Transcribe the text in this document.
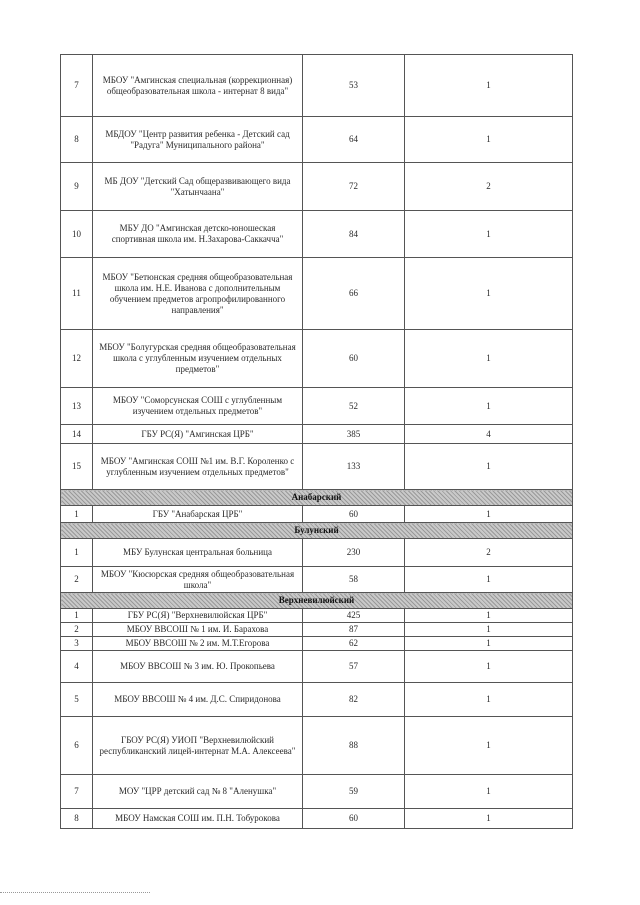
7	МБОУ "Амгинская специальная (коррекционная) общеобразовательная школа - интернат 8 вида"	53	1
8	МБДОУ "Центр развития ребенка - Детский сад "Радуга" Муниципального района"	64	1
9	МБ ДОУ "Детский Сад общеразвивающего вида "Хатынчаана"	72	2
10	МБУ ДО "Амгинская детско-юношеская спортивная школа им. Н.Захарова-Саккачча"	84	1
11	МБОУ "Бетюнская средняя общеобразовательная школа им. Н.Е. Иванова с дополнительным обучением предметов агропрофилированного направления"	66	1
12	МБОУ "Болугурская средняя общеобразовательная школа с углубленным изучением отдельных предметов"	60	1
13	МБОУ "Соморсунская СОШ с углубленным изучением отдельных предметов"	52	1
14	ГБУ РС(Я) "Амгинская ЦРБ"	385	4
15	МБОУ "Амгинская СОШ №1 им. В.Г. Короленко с углубленным изучением отдельных предметов"	133	1
Анабарский			
1	ГБУ "Анабарская ЦРБ"	60	1
Булунский			
1	МБУ Булунская центральная больница	230	2
2	МБОУ "Кюсюрская средняя общеобразовательная школа"	58	1
Верхневилюйский			
1	ГБУ РС(Я) "Верхневилюйская ЦРБ"	425	1
2	МБОУ ВВСОШ № 1 им. И. Барахова	87	1
3	МБОУ ВВСОШ № 2 им. М.Т.Егорова	62	1
4	МБОУ ВВСОШ № 3 им. Ю. Прокопьева	57	1
5	МБОУ ВВСОШ № 4 им. Д.С. Спиридонова	82	1
6	ГБОУ РС(Я) УИОП "Верхневилюйский республиканский лицей-интернат М.А. Алексеева"	88	1
7	МОУ "ЦРР детский сад № 8 "Аленушка"	59	1
8	МБОУ Намская СОШ им. П.Н. Тобурокова	60	1
